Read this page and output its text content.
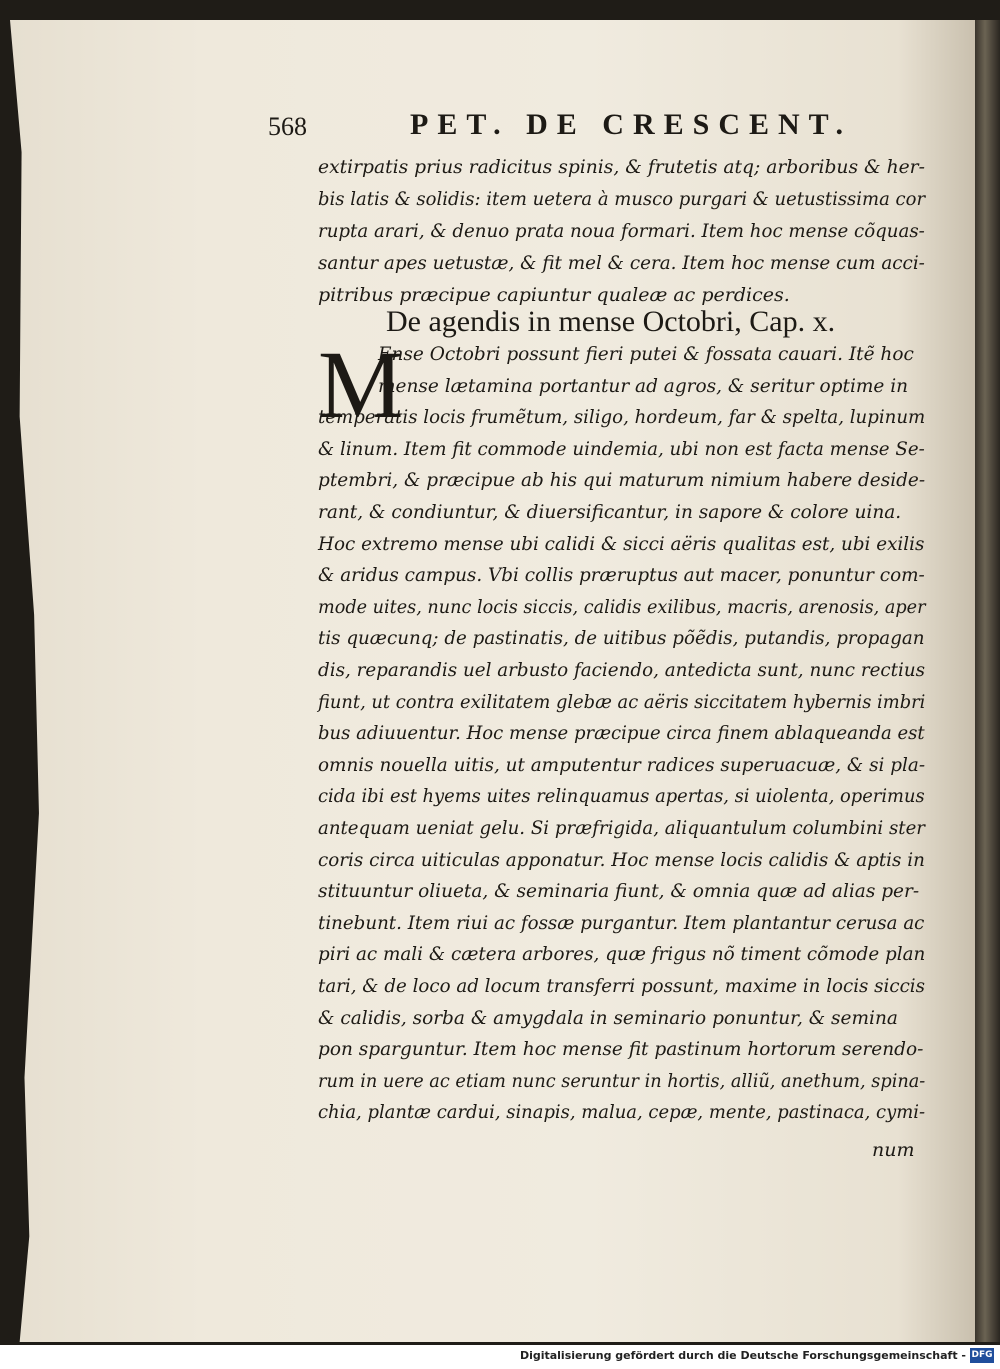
568	PET. DE CRESCENT.
extirpatis prius radicitus spinis, & frutetis atq; arboribus & her-
bis latis & solidis: item uetera à musco purgari & uetustissima cor
rupta arari, & denuo prata noua formari. Item hoc mense cõquas-
santur apes uetustæ, & fit mel & cera. Item hoc mense cum acci-
pitribus præcipue capiuntur qualeæ ac perdices.
De agendis in mense Octobri, Cap. x.
M
Ense Octobri possunt fieri putei & fossata cauari. Itẽ hoc
mense lætamina portantur ad agros, & seritur optime in
temperatis locis frumẽtum, siligo, hordeum, far & spelta, lupinum
& linum. Item fit commode uindemia, ubi non est facta mense Se-
ptembri, & præcipue ab his qui maturum nimium habere deside-
rant, & condiuntur, & diuersificantur, in sapore & colore uina.
Hoc extremo mense ubi calidi & sicci aëris qualitas est, ubi exilis
& aridus campus. Vbi collis præruptus aut macer, ponuntur com-
mode uites, nunc locis siccis, calidis exilibus, macris, arenosis, aper
tis quæcunq; de pastinatis, de uitibus põẽdis, putandis, propagan
dis, reparandis uel arbusto faciendo, antedicta sunt, nunc rectius
fiunt, ut contra exilitatem glebæ ac aëris siccitatem hybernis imbri
bus adiuuentur. Hoc mense præcipue circa finem ablaqueanda est
omnis nouella uitis, ut amputentur radices superuacuæ, & si pla-
cida ibi est hyems uites relinquamus apertas, si uiolenta, operimus
antequam ueniat gelu. Si præfrigida, aliquantulum columbini ster
coris circa uiticulas apponatur. Hoc mense locis calidis & aptis in
stituuntur oliueta, & seminaria fiunt, & omnia quæ ad alias per-
tinebunt. Item riui ac fossæ purgantur. Item plantantur cerusa ac
piri ac mali & cætera arbores, quæ frigus nõ timent cõmode plan
tari, & de loco ad locum transferri possunt, maxime in locis siccis
& calidis, sorba & amygdala in seminario ponuntur, & semina
pon sparguntur. Item hoc mense fit pastinum hortorum serendo-
rum in uere ac etiam nunc seruntur in hortis, alliũ, anethum, spina-
chia, plantæ cardui, sinapis, malua, cepæ, mente, pastinaca, cymi-
num
Digitalisierung gefördert durch die Deutsche Forschungsgemeinschaft - DFG
